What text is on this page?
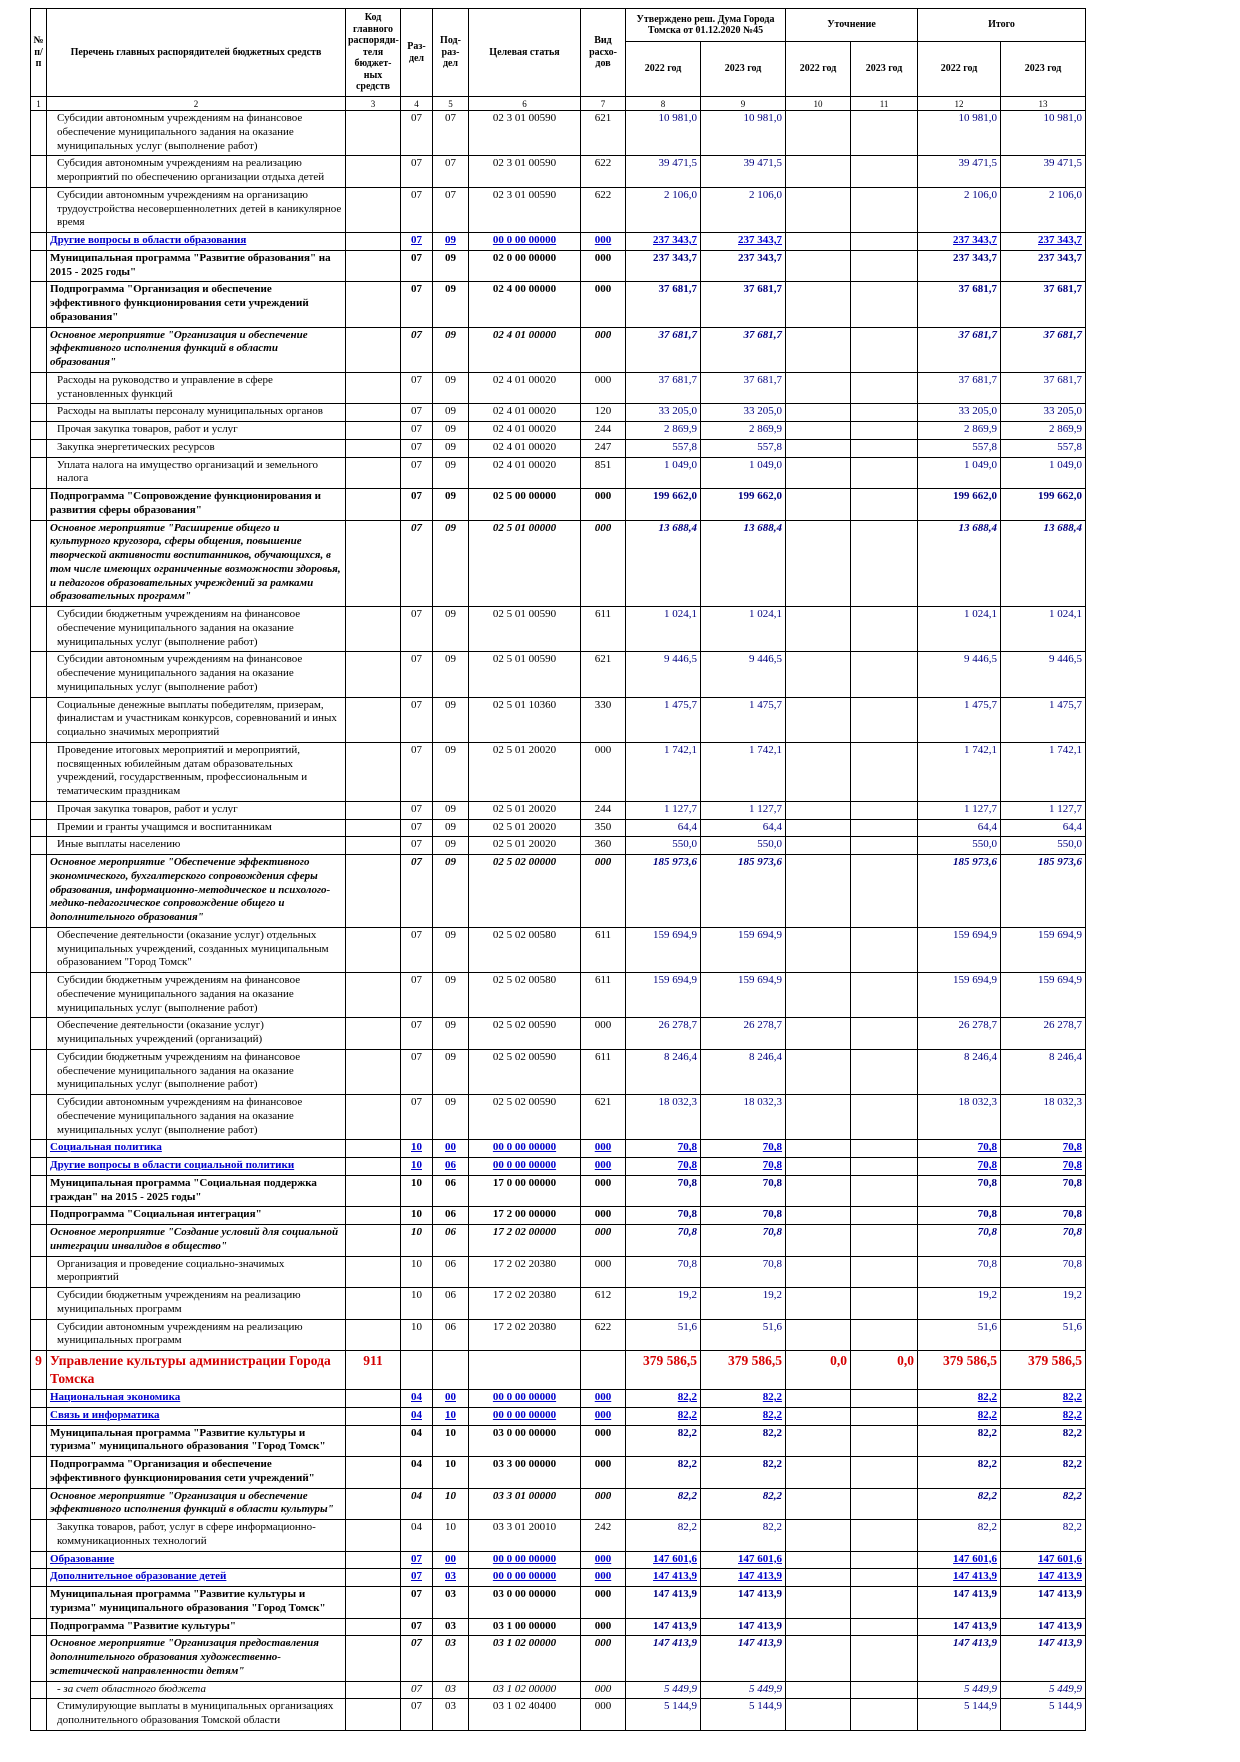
№ п/п	Перечень главных распорядителей бюджетных средств	Код главного распоряди-теля бюджет-ных средств	Раз-дел	Под-раз-дел	Целевая статья	Вид расхо-дов	Утверждено реш. Дума Города Томска от 01.12.2020 №45		Уточнение		Итого	
							2022 год	2023 год	2022 год	2023 год	2022 год	2023 год
1	2	3	4	5	6	7	8	9	10	11	12	13
	Субсидии автономным учреждениям на финансовое обеспечение муниципального задания на оказание муниципальных услуг (выполнение работ)		07	07	02 3 01 00590	621	10 981,0	10 981,0			10 981,0	10 981,0
	Субсидия автономным учреждениям на реализацию мероприятий по обеспечению организации отдыха детей		07	07	02 3 01 00590	622	39 471,5	39 471,5			39 471,5	39 471,5
	Субсидии автономным учреждениям на организацию трудоустройства несовершеннолетних детей в каникулярное время		07	07	02 3 01 00590	622	2 106,0	2 106,0			2 106,0	2 106,0
	Другие вопросы в области образования		07	09	00 0 00 00000	000	237 343,7	237 343,7			237 343,7	237 343,7
	Муниципальная программа "Развитие образования" на 2015 - 2025 годы"		07	09	02 0 00 00000	000	237 343,7	237 343,7			237 343,7	237 343,7
	Подпрограмма "Организация и обеспечение эффективного функционирования сети учреждений образования"		07	09	02 4 00 00000	000	37 681,7	37 681,7			37 681,7	37 681,7
	Основное мероприятие "Организация и обеспечение эффективного исполнения функций в области образования"		07	09	02 4 01 00000	000	37 681,7	37 681,7			37 681,7	37 681,7
	Расходы на руководство и управление в сфере установленных функций		07	09	02 4 01 00020	000	37 681,7	37 681,7			37 681,7	37 681,7
	Расходы на выплаты персоналу муниципальных органов		07	09	02 4 01 00020	120	33 205,0	33 205,0			33 205,0	33 205,0
	Прочая закупка товаров, работ и услуг		07	09	02 4 01 00020	244	2 869,9	2 869,9			2 869,9	2 869,9
	Закупка энергетических ресурсов		07	09	02 4 01 00020	247	557,8	557,8			557,8	557,8
	Уплата налога на имущество организаций и земельного налога		07	09	02 4 01 00020	851	1 049,0	1 049,0			1 049,0	1 049,0
	Подпрограмма "Сопровождение функционирования и развития сферы образования"		07	09	02 5 00 00000	000	199 662,0	199 662,0			199 662,0	199 662,0
	Основное мероприятие "Расширение общего и культурного кругозора, сферы общения, повышение творческой активности воспитанников, обучающихся, в том числе имеющих ограниченные возможности здоровья, и педагогов образовательных учреждений за рамками образовательных программ"		07	09	02 5 01 00000	000	13 688,4	13 688,4			13 688,4	13 688,4
	Субсидии бюджетным учреждениям на финансовое обеспечение муниципального задания на оказание муниципальных услуг (выполнение работ)		07	09	02 5 01 00590	611	1 024,1	1 024,1			1 024,1	1 024,1
	Субсидии автономным учреждениям на финансовое обеспечение муниципального задания на оказание муниципальных услуг (выполнение работ)		07	09	02 5 01 00590	621	9 446,5	9 446,5			9 446,5	9 446,5
	Социальные денежные выплаты победителям, призерам, финалистам и участникам конкурсов, соревнований и иных социально значимых мероприятий		07	09	02 5 01 10360	330	1 475,7	1 475,7			1 475,7	1 475,7
	Проведение итоговых мероприятий и мероприятий, посвященных юбилейным датам образовательных учреждений, государственным, профессиональным и тематическим праздникам		07	09	02 5 01 20020	000	1 742,1	1 742,1			1 742,1	1 742,1
	Прочая закупка товаров, работ и услуг		07	09	02 5 01 20020	244	1 127,7	1 127,7			1 127,7	1 127,7
	Премии и гранты учащимся и воспитанникам		07	09	02 5 01 20020	350	64,4	64,4			64,4	64,4
	Иные выплаты населению		07	09	02 5 01 20020	360	550,0	550,0			550,0	550,0
	Основное мероприятие "Обеспечение эффективного экономического, бухгалтерского сопровождения сферы образования, информационно-методическое и психолого-медико-педагогическое сопровождение общего и дополнительного образования"		07	09	02 5 02 00000	000	185 973,6	185 973,6			185 973,6	185 973,6
	Обеспечение деятельности (оказание услуг) отдельных муниципальных учреждений, созданных муниципальным образованием "Город Томск"		07	09	02 5 02 00580	611	159 694,9	159 694,9			159 694,9	159 694,9
	Субсидии бюджетным учреждениям на финансовое обеспечение муниципального задания на оказание муниципальных услуг (выполнение работ)		07	09	02 5 02 00580	611	159 694,9	159 694,9			159 694,9	159 694,9
	Обеспечение деятельности (оказание услуг) муниципальных учреждений (организаций)		07	09	02 5 02 00590	000	26 278,7	26 278,7			26 278,7	26 278,7
	Субсидии бюджетным учреждениям на финансовое обеспечение муниципального задания на оказание муниципальных услуг (выполнение работ)		07	09	02 5 02 00590	611	8 246,4	8 246,4			8 246,4	8 246,4
	Субсидии автономным учреждениям на финансовое обеспечение муниципального задания на оказание муниципальных услуг (выполнение работ)		07	09	02 5 02 00590	621	18 032,3	18 032,3			18 032,3	18 032,3
	Социальная политика		10	00	00 0 00 00000	000	70,8	70,8			70,8	70,8
	Другие вопросы в области социальной политики		10	06	00 0 00 00000	000	70,8	70,8			70,8	70,8
	Муниципальная программа "Социальная поддержка граждан" на 2015 - 2025 годы"		10	06	17 0 00 00000	000	70,8	70,8			70,8	70,8
	Подпрограмма "Социальная интеграция"		10	06	17 2 00 00000	000	70,8	70,8			70,8	70,8
	Основное мероприятие "Создание условий для социальной интеграции инвалидов в общество"		10	06	17 2 02 00000	000	70,8	70,8			70,8	70,8
	Организация и проведение социально-значимых мероприятий		10	06	17 2 02 20380	000	70,8	70,8			70,8	70,8
	Субсидии бюджетным учреждениям на реализацию муниципальных программ		10	06	17 2 02 20380	612	19,2	19,2			19,2	19,2
	Субсидии автономным учреждениям на реализацию муниципальных программ		10	06	17 2 02 20380	622	51,6	51,6			51,6	51,6
9	Управление культуры администрации Города Томска	911					379 586,5	379 586,5	0,0	0,0	379 586,5	379 586,5
	Национальная экономика		04	00	00 0 00 00000	000	82,2	82,2			82,2	82,2
	Связь и информатика		04	10	00 0 00 00000	000	82,2	82,2			82,2	82,2
	Муниципальная программа "Развитие культуры и туризма" муниципального образования "Город Томск"		04	10	03 0 00 00000	000	82,2	82,2			82,2	82,2
	Подпрограмма "Организация и обеспечение эффективного функционирования сети учреждений"		04	10	03 3 00 00000	000	82,2	82,2			82,2	82,2
	Основное мероприятие "Организация и обеспечение эффективного исполнения функций в области культуры"		04	10	03 3 01 00000	000	82,2	82,2			82,2	82,2
	Закупка товаров, работ, услуг в сфере информационно-коммуникационных технологий		04	10	03 3 01 20010	242	82,2	82,2			82,2	82,2
	Образование		07	00	00 0 00 00000	000	147 601,6	147 601,6			147 601,6	147 601,6
	Дополнительное образование детей		07	03	00 0 00 00000	000	147 413,9	147 413,9			147 413,9	147 413,9
	Муниципальная программа "Развитие культуры и туризма" муниципального образования "Город Томск"		07	03	03 0 00 00000	000	147 413,9	147 413,9			147 413,9	147 413,9
	Подпрограмма "Развитие культуры"		07	03	03 1 00 00000	000	147 413,9	147 413,9			147 413,9	147 413,9
	Основное мероприятие "Организация предоставления дополнительного образования художественно-эстетической направленности детям"		07	03	03 1 02 00000	000	147 413,9	147 413,9			147 413,9	147 413,9
	- за счет областного бюджета		07	03	03 1 02 00000	000	5 449,9	5 449,9			5 449,9	5 449,9
	Стимулирующие выплаты в муниципальных организациях дополнительного образования Томской области		07	03	03 1 02 40400	000	5 144,9	5 144,9			5 144,9	5 144,9
